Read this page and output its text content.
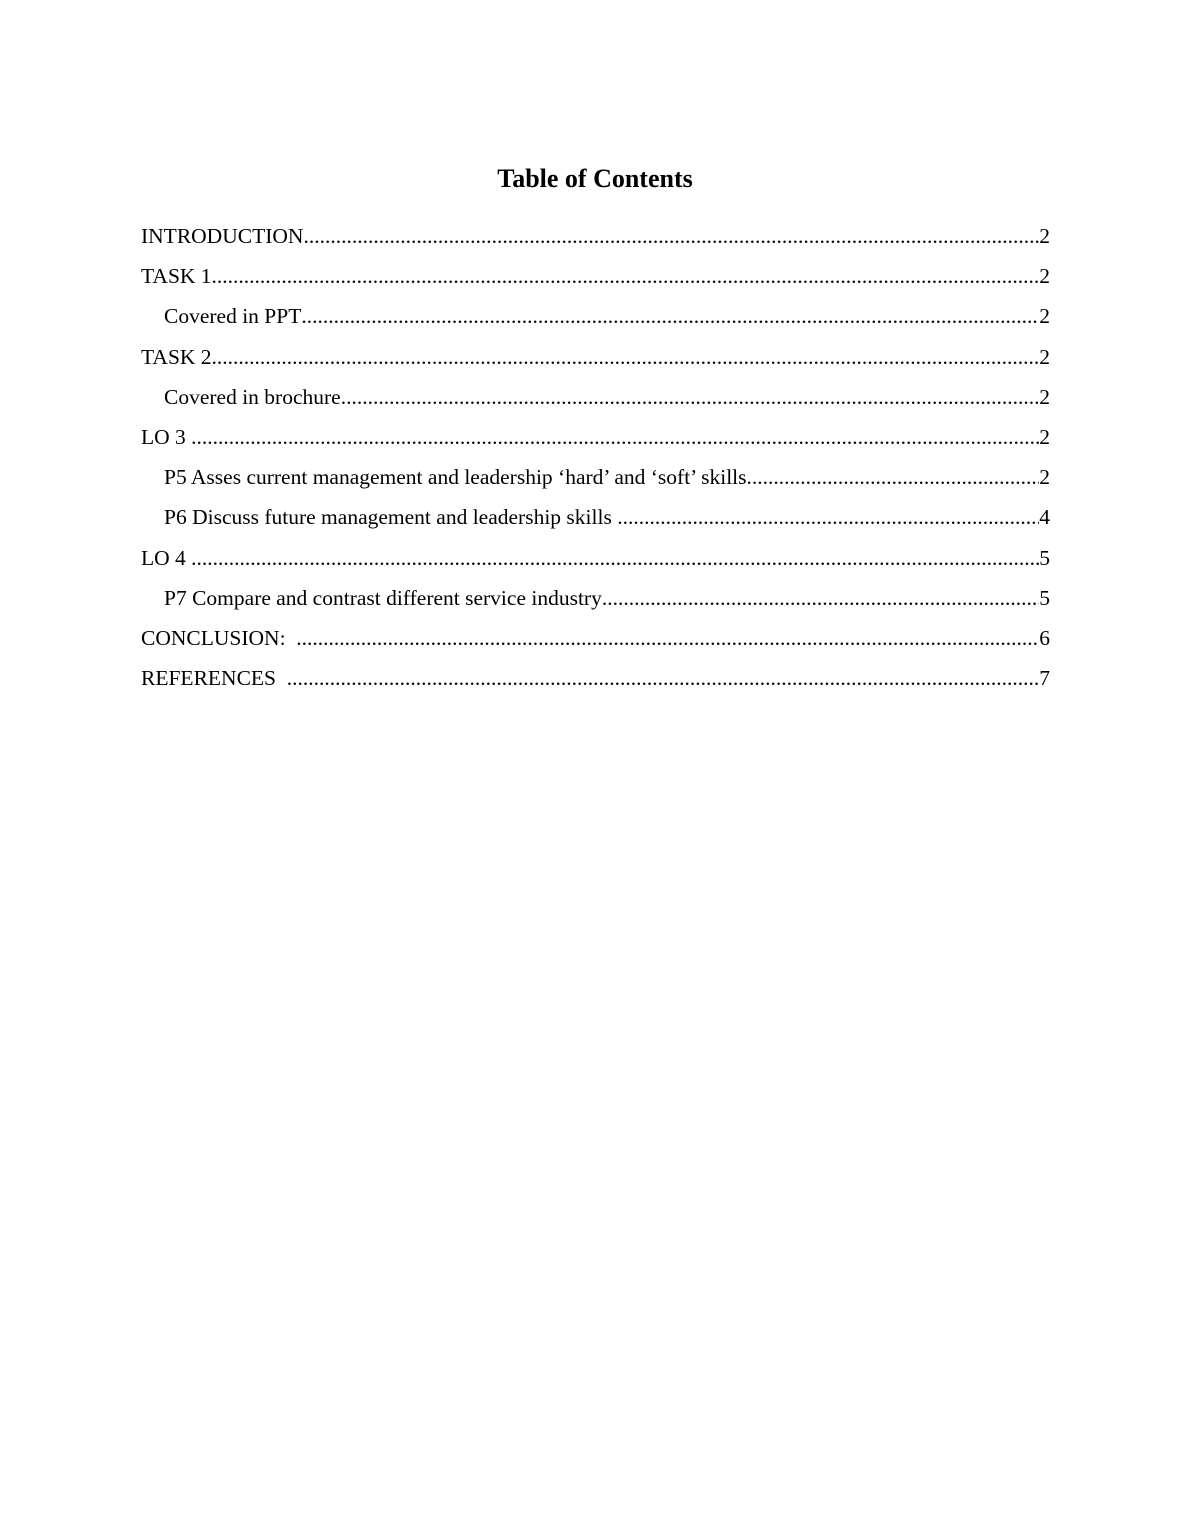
Table of Contents
INTRODUCTION .....	2
TASK 1 .....	2
Covered in PPT .....	2
TASK 2 .....	2
Covered in brochure .....	2
LO 3 .....	2
P5 Asses current management and leadership ‘hard’ and ‘soft’ skills .....	2
P6 Discuss future management and leadership skills .....	4
LO 4 .....	5
P7 Compare and contrast different service industry .....	5
CONCLUSION: .....	6
REFERENCES .....	7
